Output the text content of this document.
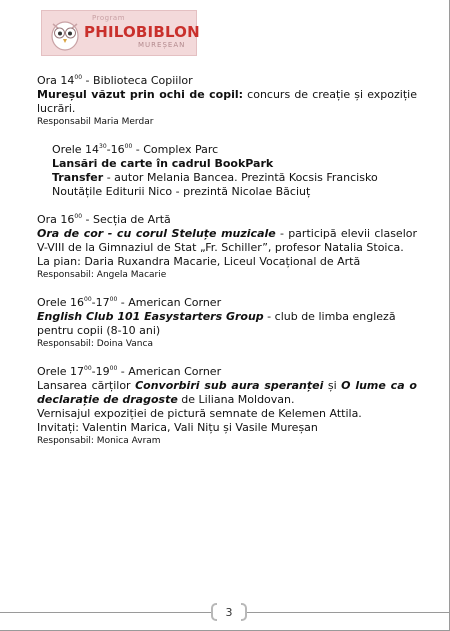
Program
PHILOBIBLON
MUREȘEAN
Ora $14^{00}$ - Biblioteca Copiilor
Mureșul văzut prin ochi de copil: concurs de creație și expoziție lucrări.
Responsabil Maria Merdar
Orele $14^{30}-16^{00}$ - Complex Parc
Lansări de carte în cadrul BookPark
Transfer - autor Melania Bancea. Prezintă Kocsis Francisko
Noutățile Editurii Nico - prezintă Nicolae Băciuț
Ora $16^{00}$ - Secția de Artă
Ora de cor - cu corul Steluțe muzicale - participă elevii claselor V-VIII de la Gimnaziul de Stat „Fr. Schiller”, profesor Natalia Stoica.
La pian: Daria Ruxandra Macarie, Liceul Vocațional de Artă
Responsabil: Angela Macarie
Orele $16^{00}-17^{00}$ - American Corner
English Club 101 Easystarters Group - club de limba engleză pentru copii (8-10 ani)
Responsabil: Doina Vanca
Orele $17^{00}-19^{00}$ - American Corner
Lansarea cărților Convorbiri sub aura speranței și O lume ca o declarație de dragoste de Liliana Moldovan.
Vernisajul expoziției de pictură semnate de Kelemen Attila.
Invitați: Valentin Marica, Vali Nițu și Vasile Mureșan
Responsabil: Monica Avram
3
